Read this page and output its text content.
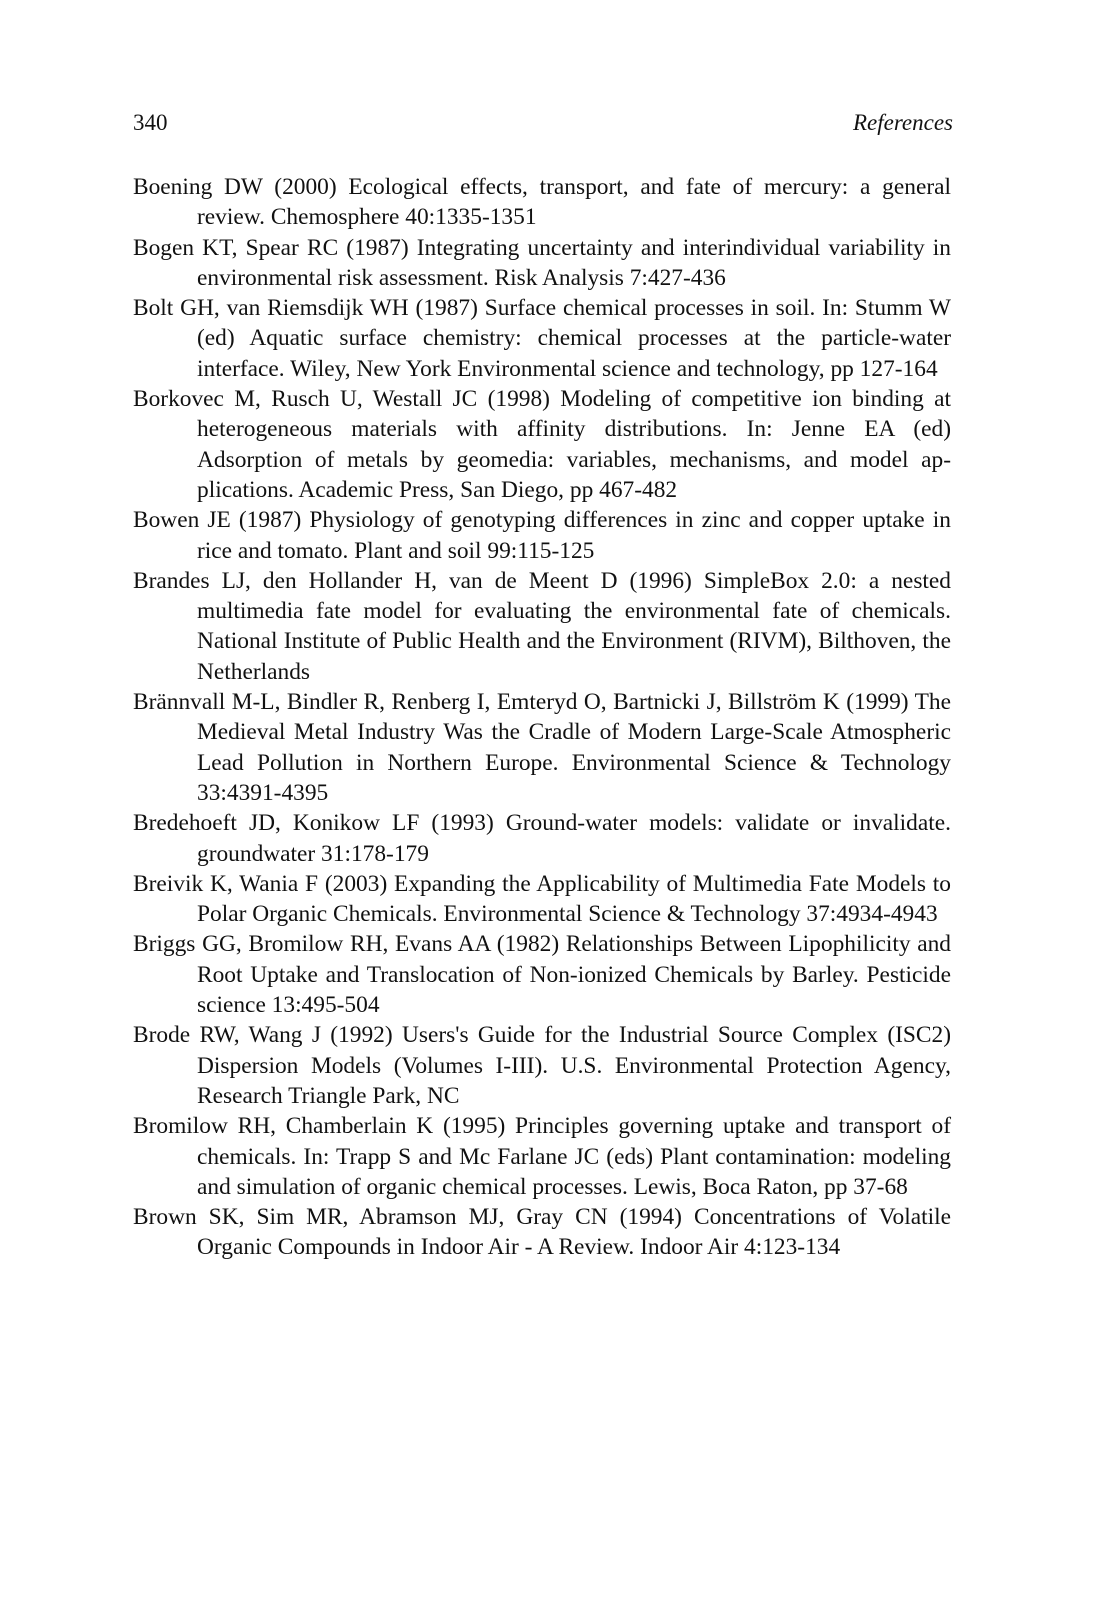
340	References
Boening DW (2000) Ecological effects, transport, and fate of mercury: a general review. Chemosphere 40:1335-1351
Bogen KT, Spear RC (1987) Integrating uncertainty and interindividual variability in environmental risk assessment. Risk Analysis 7:427-436
Bolt GH, van Riemsdijk WH (1987) Surface chemical processes in soil. In: Stumm W (ed) Aquatic surface chemistry: chemical processes at the particle-water interface. Wiley, New York Environmental science and technology, pp 127-164
Borkovec M, Rusch U, Westall JC (1998) Modeling of competitive ion binding at heterogeneous materials with affinity distributions. In: Jenne EA (ed) Adsorption of metals by geomedia: variables, mechanisms, and model applications. Academic Press, San Diego, pp 467-482
Bowen JE (1987) Physiology of genotyping differences in zinc and copper uptake in rice and tomato. Plant and soil 99:115-125
Brandes LJ, den Hollander H, van de Meent D (1996) SimpleBox 2.0: a nested multimedia fate model for evaluating the environmental fate of chemicals. National Institute of Public Health and the Environment (RIVM), Bilthoven, the Netherlands
Brännvall M-L, Bindler R, Renberg I, Emteryd O, Bartnicki J, Billström K (1999) The Medieval Metal Industry Was the Cradle of Modern Large-Scale Atmospheric Lead Pollution in Northern Europe. Environmental Science & Technology 33:4391-4395
Bredehoeft JD, Konikow LF (1993) Ground-water models: validate or invalidate. groundwater 31:178-179
Breivik K, Wania F (2003) Expanding the Applicability of Multimedia Fate Models to Polar Organic Chemicals. Environmental Science & Technology 37:4934-4943
Briggs GG, Bromilow RH, Evans AA (1982) Relationships Between Lipophilicity and Root Uptake and Translocation of Non-ionized Chemicals by Barley. Pesticide science 13:495-504
Brode RW, Wang J (1992) Users's Guide for the Industrial Source Complex (ISC2) Dispersion Models (Volumes I-III). U.S. Environmental Protection Agency, Research Triangle Park, NC
Bromilow RH, Chamberlain K (1995) Principles governing uptake and transport of chemicals. In: Trapp S and Mc Farlane JC (eds) Plant contamination: modeling and simulation of organic chemical processes. Lewis, Boca Raton, pp 37-68
Brown SK, Sim MR, Abramson MJ, Gray CN (1994) Concentrations of Volatile Organic Compounds in Indoor Air - A Review. Indoor Air 4:123-134
